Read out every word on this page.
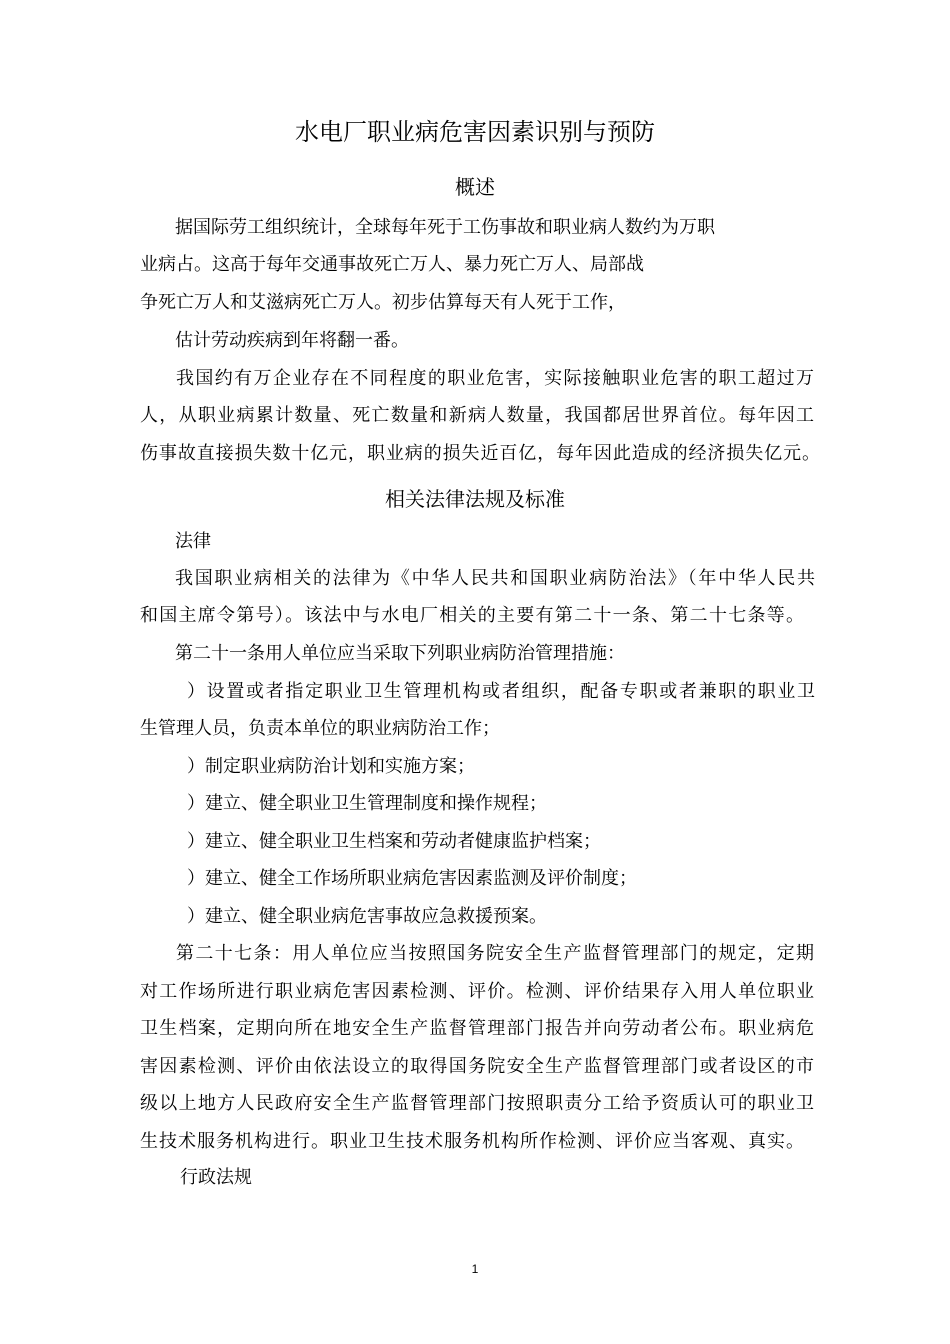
水电厂职业病危害因素识别与预防
概述
据国际劳工组织统计，全球每年死于工伤事故和职业病人数约为万职
业病占。这高于每年交通事故死亡万人、暴力死亡万人、局部战
争死亡万人和艾滋病死亡万人。初步估算每天有人死于工作，
估计劳动疾病到年将翻一番。
我国约有万企业存在不同程度的职业危害，实际接触职业危害的职工超过万
人，从职业病累计数量、死亡数量和新病人数量，我国都居世界首位。每年因工
伤事故直接损失数十亿元，职业病的损失近百亿，每年因此造成的经济损失亿元。
相关法律法规及标准
法律
我国职业病相关的法律为《中华人民共和国职业病防治法》（年中华人民共
和国主席令第号）。该法中与水电厂相关的主要有第二十一条、第二十七条等。
第二十一条用人单位应当采取下列职业病防治管理措施：
）设置或者指定职业卫生管理机构或者组织，配备专职或者兼职的职业卫
生管理人员，负责本单位的职业病防治工作；
）制定职业病防治计划和实施方案；
）建立、健全职业卫生管理制度和操作规程；
）建立、健全职业卫生档案和劳动者健康监护档案；
）建立、健全工作场所职业病危害因素监测及评价制度；
）建立、健全职业病危害事故应急救援预案。
第二十七条：用人单位应当按照国务院安全生产监督管理部门的规定，定期
对工作场所进行职业病危害因素检测、评价。检测、评价结果存入用人单位职业
卫生档案，定期向所在地安全生产监督管理部门报告并向劳动者公布。职业病危
害因素检测、评价由依法设立的取得国务院安全生产监督管理部门或者设区的市
级以上地方人民政府安全生产监督管理部门按照职责分工给予资质认可的职业卫
生技术服务机构进行。职业卫生技术服务机构所作检测、评价应当客观、真实。
行政法规
1
